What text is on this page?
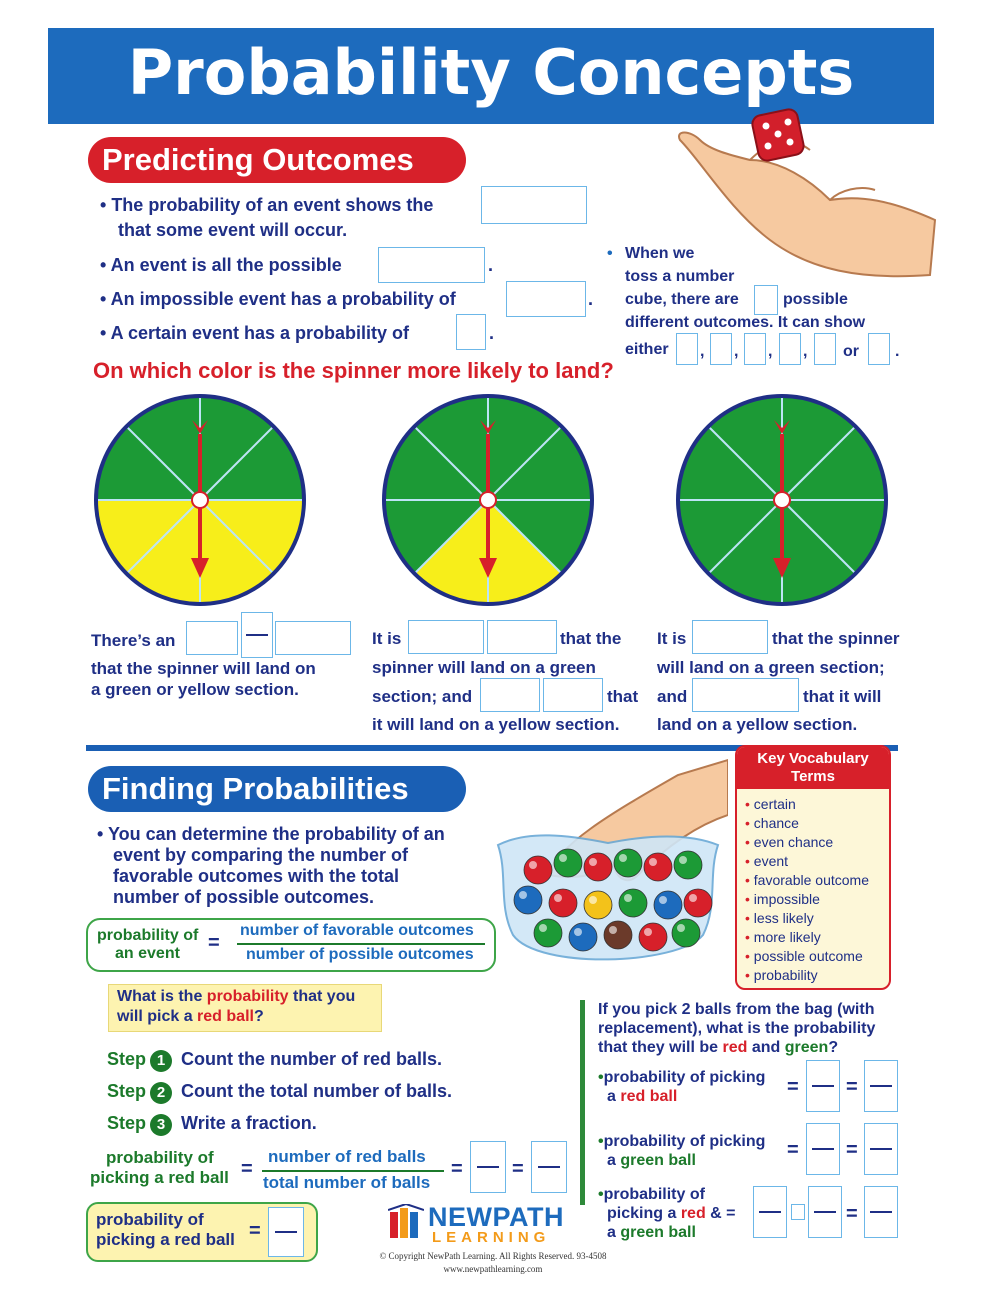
Probability Concepts
Predicting Outcomes
• The probability of an event shows the
that some event will occur.
• An event is all the possible	.
• An impossible event has a probability of	.
• A certain event has a probability of	.
• When we
toss a number
cube, there are	possible
different outcomes. It can show
either , , , , or .
On which color is the spinner more likely to land?
There’s an
that the spinner will land on
a green or yellow section.
It is	that the
spinner will land on a green
section; and	that
it will land on a yellow section.
It is	that the spinner
will land on a green section;
and	that it will
land on a yellow section.
Finding Probabilities
Key Vocabulary
Terms
• certain
• chance
• even chance
• event
• favorable outcome
• impossible
• less likely
• more likely
• possible outcome
• probability
• You can determine the probability of an
event by comparing the number of
favorable outcomes with the total
number of possible outcomes.
probability of
an event =
number of favorable outcomes
number of possible outcomes
What is the probability that you
will pick a red ball?
Step 1 Count the number of red balls.
Step 2 Count the total number of balls.
Step 3 Write a fraction.
probability of
picking a red ball =
number of red balls
total number of balls
= =
probability of
picking a red ball =
If you pick 2 balls from the bag (with
replacement), what is the probability
that they will be red and green?
•probability of picking
a red ball	= =
•probability of picking
a green ball	= =
•probability of
picking a red & =
a green ball
=
NEWPATH
LEARNING
© Copyright NewPath Learning. All Rights Reserved. 93-4508
www.newpathlearning.com
